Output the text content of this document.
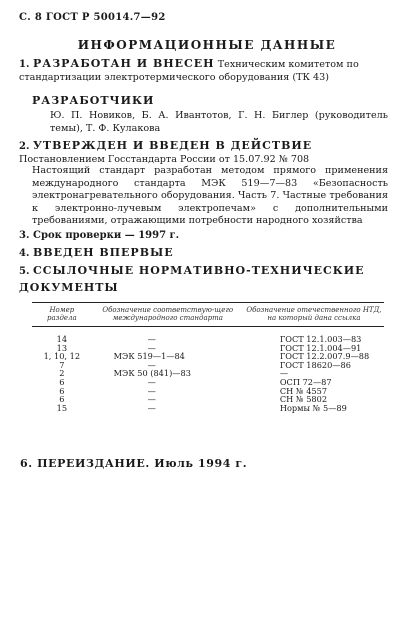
С. 8 ГОСТ Р 50014.7—92
ИНФОРМАЦИОННЫЕ ДАННЫЕ
1. РАЗРАБОТАН И ВНЕСЕН Техническим комитетом по стандартизации электротермического оборудования (ТК 43)
РАЗРАБОТЧИКИ
Ю. П. Новиков, Б. А. Ивантотов, Г. Н. Биглер (руководитель темы), Т. Ф. Кулакова
2. УТВЕРЖДЕН И ВВЕДЕН В ДЕЙСТВИЕ Постановлением Госстандарта России от 15.07.92 № 708
Настоящий стандарт разработан методом прямого применения международного стандарта МЭК 519—7—83 «Безопасность электронагревательного оборудования. Часть 7. Частные требования к электронно-лучевым электропечам» с дополнительными требованиями, отражающими потребности народного хозяйства
3. Срок проверки — 1997 г.
4. ВВЕДЕН ВПЕРВЫЕ
5. ССЫЛОЧНЫЕ НОРМАТИВНО-ТЕХНИЧЕСКИЕ ДОКУМЕНТЫ
Номер раздела	Обозначение соответствую-щего международного стандарта	Обозначение отечественного НТД, на который дана ссылка

14	—	ГОСТ 12.1.003—83
13	—	ГОСТ 12.1.004—91
1, 10, 12	МЭК 519—1—84	ГОСТ 12.2.007.9—88
7	—	ГОСТ 18620—86
2	МЭК 50 (841)—83	—
6	—	ОСП 72—87
6	—	СН № 4557
6	—	СН № 5802
15	—	Нормы № 5—89
6. ПЕРЕИЗДАНИЕ. Июль 1994 г.
